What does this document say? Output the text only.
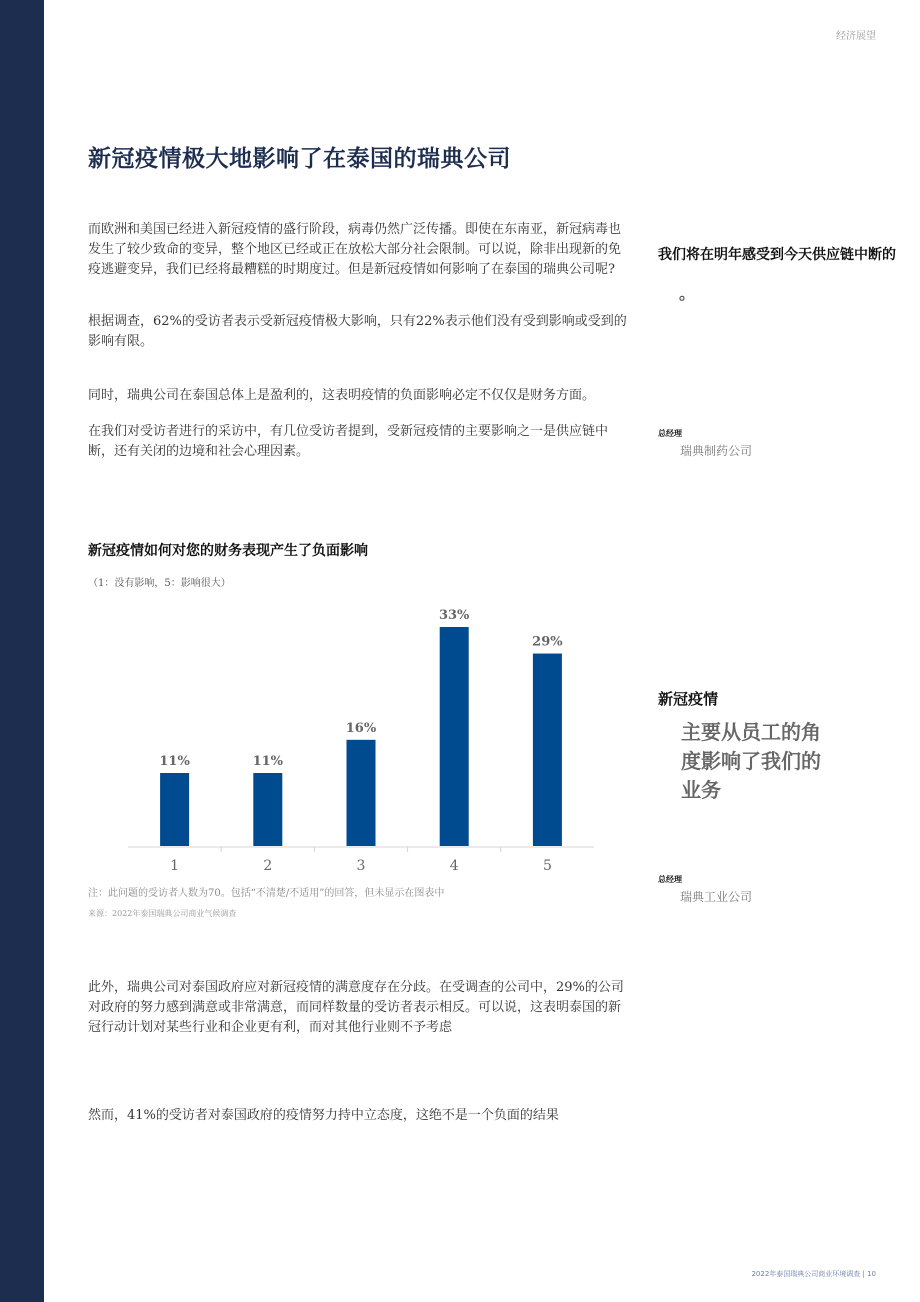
经济展望
新冠疫情极大地影响了在泰国的瑞典公司

而欧洲和美国已经进入新冠疫情的盛行阶段，病毒仍然广泛传播。即使在东南亚，新冠病毒也发生了较少致命的变异，整个地区已经或正在放松大部分社会限制。可以说，除非出现新的免疫逃避变异，我们已经将最糟糕的时期度过。但是新冠疫情如何影响了在泰国的瑞典公司呢?

根据调查，62%的受访者表示受新冠疫情极大影响，只有22%表示他们没有受到影响或受到的影响有限。

同时，瑞典公司在泰国总体上是盈利的，这表明疫情的负面影响必定不仅仅是财务方面。

在我们对受访者进行的采访中，有几位受访者提到，受新冠疫情的主要影响之一是供应链中断，还有关闭的边境和社会心理因素。

新冠疫情如何对您的财务表现产生了负面影响
（1：没有影响，5：影响很大）
11%	11%
16%
33%
29%
1	2	3	4	5
注：此问题的受访者人数为70。包括“不清楚/不适用”的回答，但未显示在图表中
来源：2022年泰国瑞典公司商业气候调查

此外，瑞典公司对泰国政府应对新冠疫情的满意度存在分歧。在受调查的公司中，29%的公司对政府的努力感到满意或非常满意，而同样数量的受访者表示相反。可以说，这表明泰国的新冠行动计划对某些行业和企业更有利，而对其他行业则不予考虑

然而，41%的受访者对泰国政府的疫情努力持中立态度，这绝不是一个负面的结果

我们将在明年感受到今天供应链中断的
。
总经理
瑞典制药公司
新冠疫情
主要从员工的角度影响了我们的业务
总经理
瑞典工业公司
2022年泰国瑞典公司商业环境调查 | 10
